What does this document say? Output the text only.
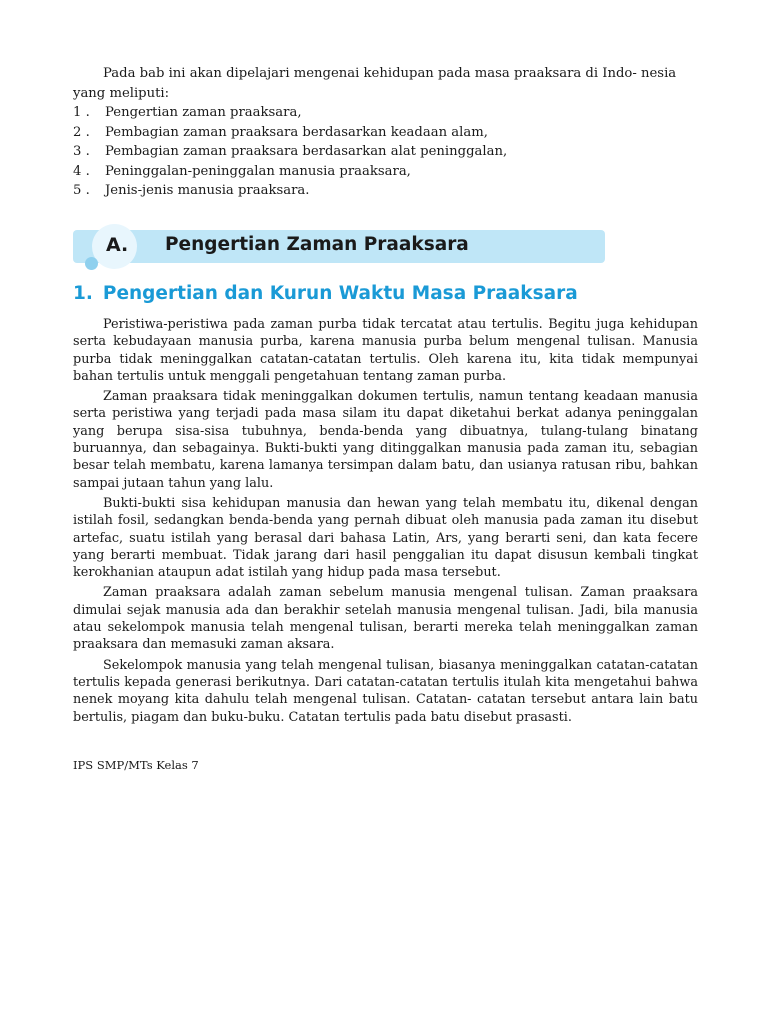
Pada bab ini akan dipelajari mengenai kehidupan pada masa praaksara di Indo- nesia yang meliputi:

1 .	Pengertian zaman praaksara,
2 .	Pembagian zaman praaksara berdasarkan keadaan alam,
3 .	Pembagian zaman praaksara berdasarkan alat peninggalan,
4 .	Peninggalan-peninggalan manusia praaksara,
5 .	Jenis-jenis manusia praaksara.
A. Pengertian Zaman Praaksara
1. Pengertian dan Kurun Waktu Masa Praaksara

Peristiwa-peristiwa pada zaman purba tidak tercatat atau tertulis. Begitu juga kehidupan serta kebudayaan manusia purba, karena manusia purba belum mengenal tulisan. Manusia purba tidak meninggalkan catatan-catatan tertulis. Oleh karena itu, kita tidak mempunyai bahan tertulis untuk menggali pengetahuan tentang zaman purba.

Zaman praaksara tidak meninggalkan dokumen tertulis, namun tentang keadaan manusia serta peristiwa yang terjadi pada masa silam itu dapat diketahui berkat adanya peninggalan yang berupa sisa-sisa tubuhnya, benda-benda yang dibuatnya, tulang-tulang binatang buruannya, dan sebagainya. Bukti-bukti yang ditinggalkan manusia pada zaman itu, sebagian besar telah membatu, karena lamanya tersimpan dalam batu, dan usianya ratusan ribu, bahkan sampai jutaan tahun yang lalu.

Bukti-bukti sisa kehidupan manusia dan hewan yang telah membatu itu, dikenal dengan istilah fosil, sedangkan benda-benda yang pernah dibuat oleh manusia pada zaman itu disebut artefac, suatu istilah yang berasal dari bahasa Latin, Ars, yang berarti seni, dan kata fecere yang berarti membuat. Tidak jarang dari hasil penggalian itu dapat disusun kembali tingkat kerokhanian ataupun adat istilah yang hidup pada masa tersebut.

Zaman praaksara adalah zaman sebelum manusia mengenal tulisan. Zaman praaksara dimulai sejak manusia ada dan berakhir setelah manusia mengenal tulisan. Jadi, bila manusia atau sekelompok manusia telah mengenal tulisan, berarti mereka telah meninggalkan zaman praaksara dan memasuki zaman aksara.

Sekelompok manusia yang telah mengenal tulisan, biasanya meninggalkan catatan-catatan tertulis kepada generasi berikutnya. Dari catatan-catatan tertulis itulah kita mengetahui bahwa nenek moyang kita dahulu telah mengenal tulisan. Catatan- catatan tersebut antara lain batu bertulis, piagam dan buku-buku. Catatan tertulis pada batu disebut prasasti.

IPS SMP/MTs Kelas 7
